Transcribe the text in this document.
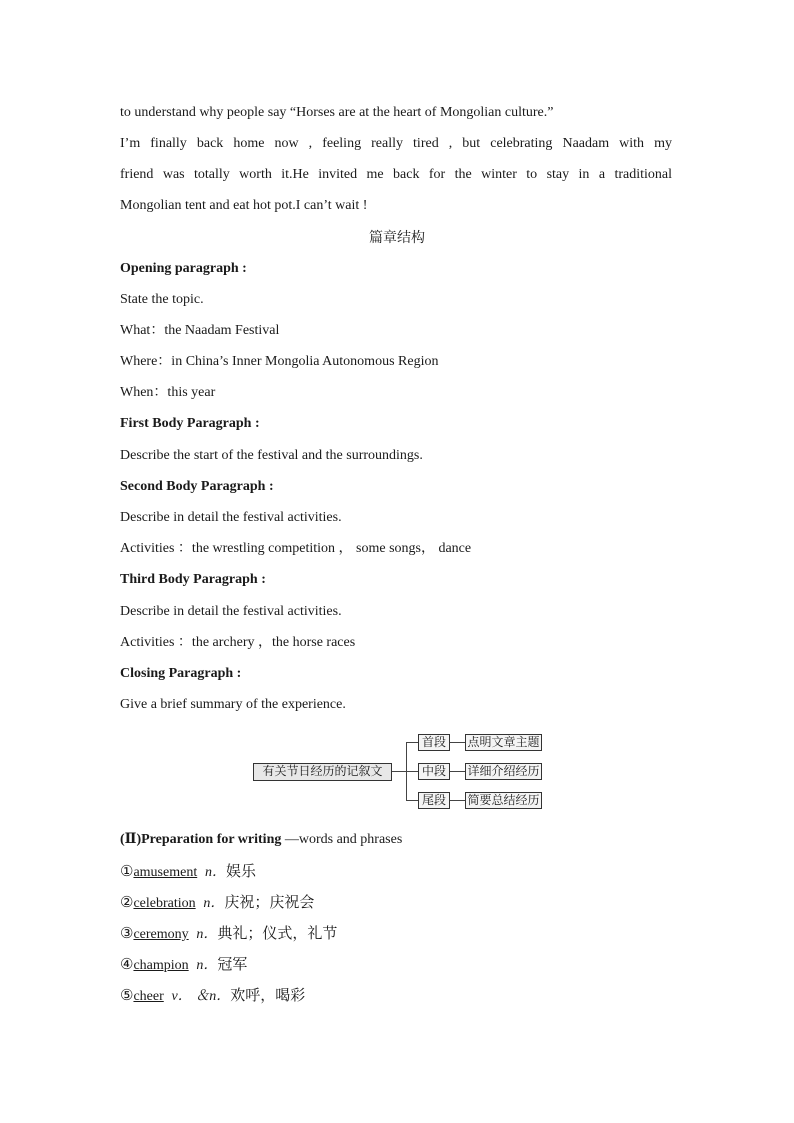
to understand why people say “Horses are at the heart of Mongolian culture.”
I’m finally back home now , feeling really tired , but celebrating Naadam with my
friend was totally worth it.He invited me back for the winter to stay in a traditional
Mongolian tent and eat hot pot.I can’t wait !
篇章结构
Opening paragraph :
State the topic.
What：the Naadam Festival
Where：in China’s Inner Mongolia Autonomous Region
When：this year
First Body Paragraph :
Describe the start of the festival and the surroundings.
Second Body Paragraph :
Describe in detail the festival activities.
Activities ：the wrestling competition ， some songs， dance
Third Body Paragraph :
Describe in detail the festival activities.
Activities ：the archery ，the horse races
Closing Paragraph :
Give a brief summary of the experience.
有关节日经历的记叙文
首段
中段
尾段
点明文章主题
详细介绍经历
简要总结经历
(Ⅱ)Preparation for writing —words and phrases
①amusement n．娱乐
②celebration n．庆祝；庆祝会
③ceremony n．典礼；仪式，礼节
④champion n．冠军
⑤cheer v． ＆n．欢呼，喝彩
